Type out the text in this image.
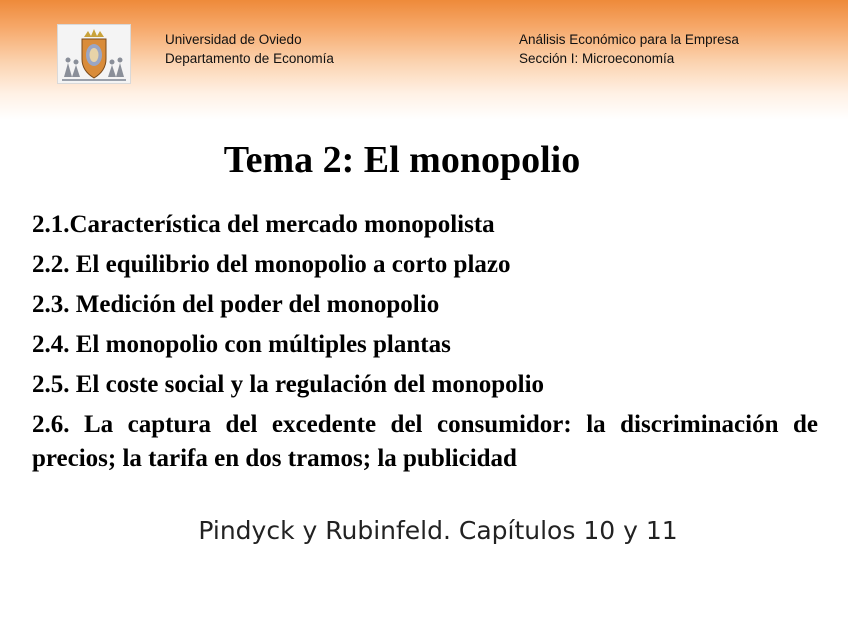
Universidad de Oviedo
Departamento de Economía
Análisis Económico para la Empresa
Sección I: Microeconomía
Tema 2: El monopolio
2.1.Característica del mercado monopolista
2.2. El equilibrio del monopolio a corto plazo
2.3. Medición del poder del monopolio
2.4. El monopolio con múltiples plantas
2.5. El coste social y la regulación del monopolio
2.6. La captura del excedente del consumidor: la discriminación de precios; la tarifa en dos tramos; la publicidad
Pindyck y Rubinfeld. Capítulos 10 y 11
